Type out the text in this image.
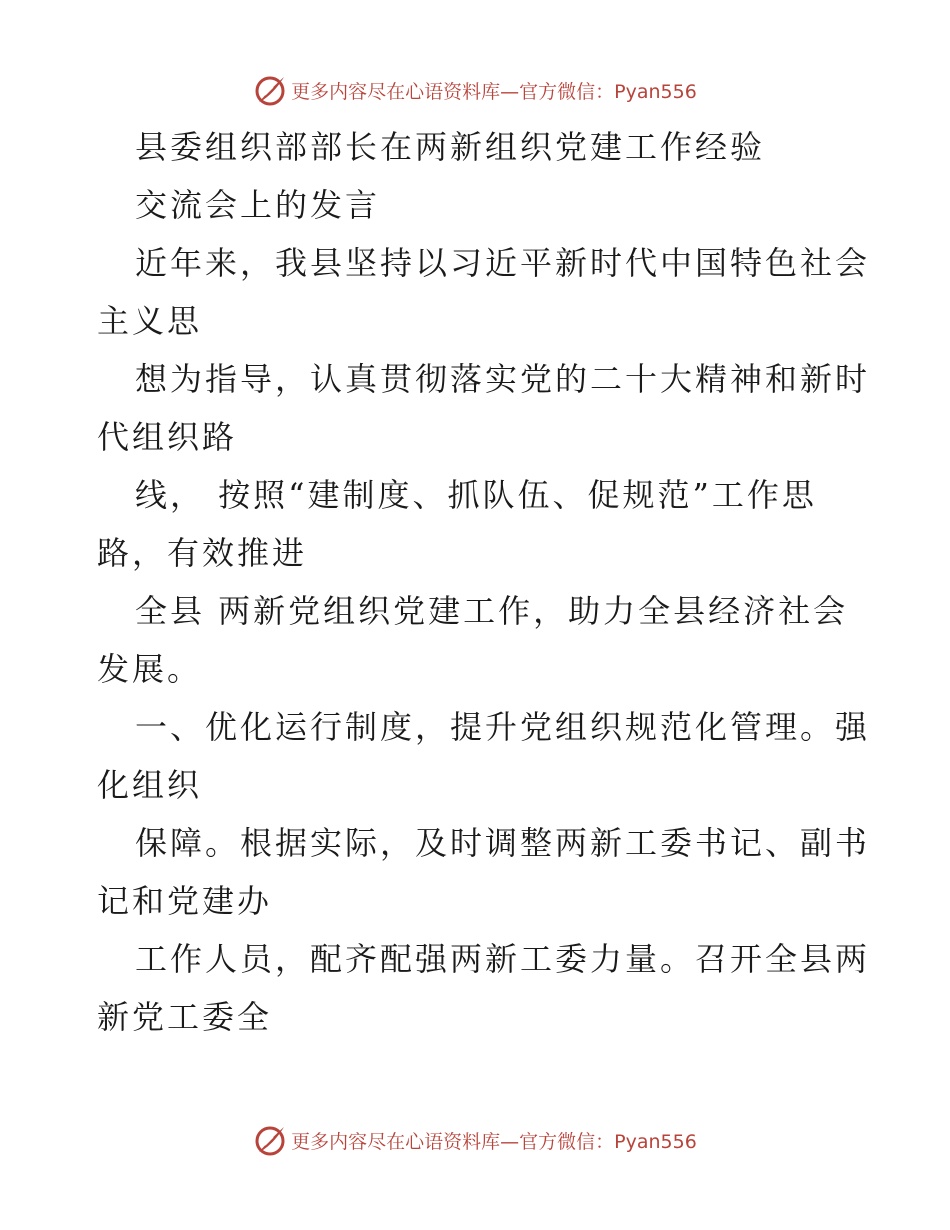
更多内容尽在心语资料库—官方微信：Pyan556
县委组织部部长在两新组织党建工作经验
交流会上的发言
近年来，我县坚持以习近平新时代中国特色社会
主义思
想为指导，认真贯彻落实党的二十大精神和新时
代组织路
线， 按照“建制度、抓队伍、促规范”工作思
路，有效推进
全县 两新党组织党建工作，助力全县经济社会
发展。
一、优化运行制度，提升党组织规范化管理。强
化组织
保障。根据实际，及时调整两新工委书记、副书
记和党建办
工作人员，配齐配强两新工委力量。召开全县两
新党工委全
更多内容尽在心语资料库—官方微信：Pyan556
